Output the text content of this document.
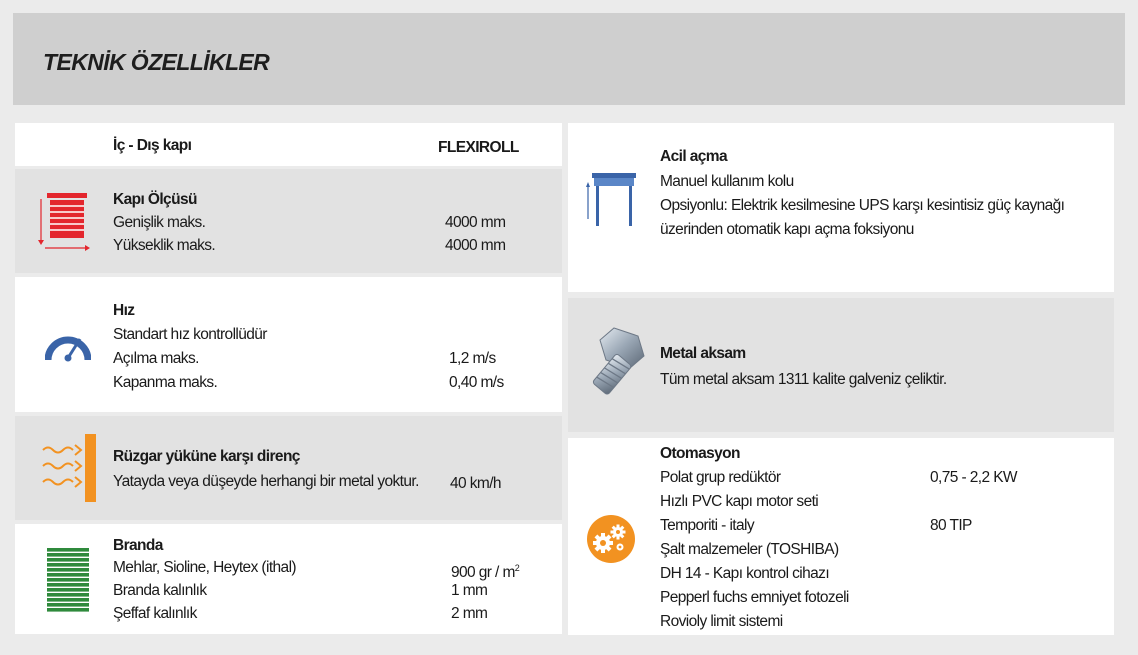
TEKNİK ÖZELLİKLER
İç - Dış kapı	FLEXIROLL
Kapı Ölçüsü
Genişlik maks.	4000 mm
Yükseklik maks.	4000 mm
Hız
Standart hız kontrollüdür
Açılma maks.	1,2 m/s
Kapanma maks.	0,40 m/s
Rüzgar yüküne karşı direnç
Yatayda veya düşeyde herhangi bir metal yoktur. 40 km/h
Branda
Mehlar, Sioline, Heytex (ithal)	900 gr / $m^2$
Branda kalınlık	1 mm
Şeffaf kalınlık	2 mm
Acil açma
Manuel kullanım kolu
Opsiyonlu: Elektrik kesilmesine UPS karşı kesintisiz güç kaynağı
üzerinden otomatik kapı açma foksiyonu
Metal aksam
Tüm metal aksam 1311 kalite galveniz çeliktir.
Otomasyon
Polat grup redüktör	0,75 - 2,2 KW
Hızlı PVC kapı motor seti
Temporiti - italy	80 TIP
Şalt malzemeler (TOSHIBA)
DH 14 - Kapı kontrol cihazı
Pepperl fuchs emniyet fotozeli
Rovioly limit sistemi
